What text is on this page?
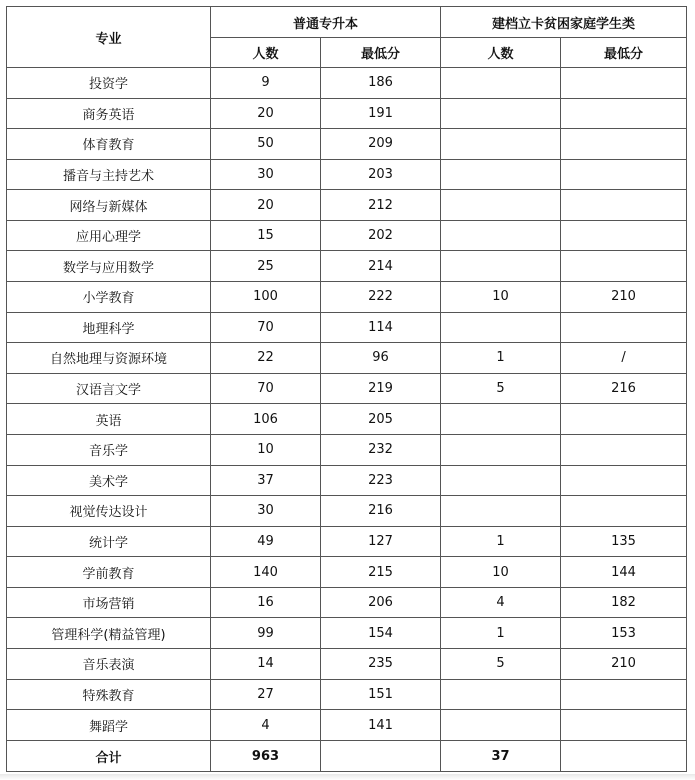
专业	普通专升本		建档立卡贫困家庭学生类	
	人数	最低分	人数	最低分
投资学	9	186		
商务英语	20	191		
体育教育	50	209		
播音与主持艺术	30	203		
网络与新媒体	20	212		
应用心理学	15	202		
数学与应用数学	25	214		
小学教育	100	222	10	210
地理科学	70	114		
自然地理与资源环境	22	96	1	/
汉语言文学	70	219	5	216
英语	106	205		
音乐学	10	232		
美术学	37	223		
视觉传达设计	30	216		
统计学	49	127	1	135
学前教育	140	215	10	144
市场营销	16	206	4	182
管理科学(精益管理)	99	154	1	153
音乐表演	14	235	5	210
特殊教育	27	151		
舞蹈学	4	141		
合计	963		37	
